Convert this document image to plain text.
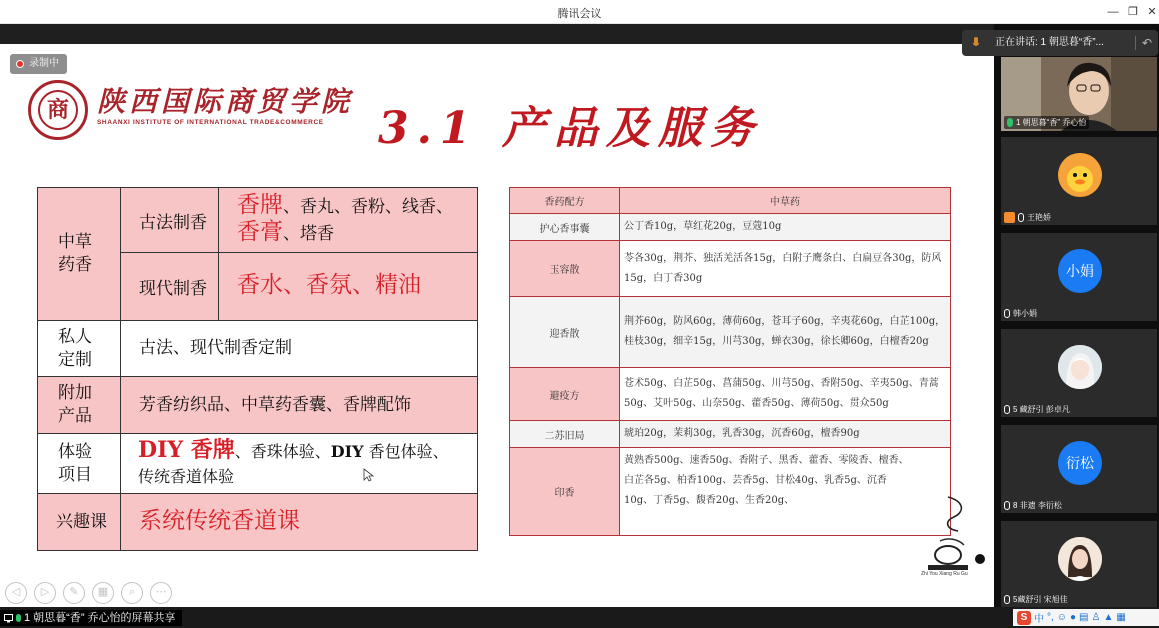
腾讯会议	— ❐ ✕
录制中
商	陕西国际商贸学院
SHAANXI INSTITUTE OF INTERNATIONAL TRADE&COMMERCE 3.1 产品及服务
中草
药香	古法制香	香牌、香丸、香粉、线香、
香膏、塔香
	现代制香	香水、香氛、精油
私人
定制	古法、现代制香定制	
附加
产品	芳香纺织品、中草药香囊、香牌配饰	
体验
项目	DIY 香牌、香珠体验、DIY 香包体验、
传统香道体验	
兴趣课	系统传统香道课	
香药配方	中草药
护心香事囊	公丁香10g，草红花20g，豆蔻10g
玉容散	苓各30g，荆芥、独活羌活各15g，白附子鹰条白、白扁豆各30g，防风15g，白丁香30g
迎香散	荆芥60g，防风60g，薄荷60g，苍耳子60g，辛夷花60g，白芷100g，
桂枝30g，细辛15g，川芎30g，蝉衣30g，徐长卿60g，白檀香20g
避疫方	苍术50g、白芷50g、菖蒲50g、川芎50g、香附50g、辛夷50g、青蒿50g、艾叶50g、山奈50g、藿香50g、薄荷50g、贯众50g
二苏旧局	琥珀20g，茉莉30g，乳香30g，沉香60g，檀香90g
印香	黄熟香500g、速香50g、香附子、黑香、藿香、零陵香、檀香、白芷各5g、柏香100g、芸香5g、甘松40g、乳香5g、沉香10g、丁香5g、馥香20g、生香20g、
Zhi You Xiang Ru Gu
◁	▷	✎	▦	⌕	⋯
正在讲话: 1 朝思暮“香”...	↶
1 朝思暮“香” 乔心怡
王艳娇
小娟
韩小娟
5 藏舒引 彭卓凡
衍松
8 非遗 李衍松
5藏舒引 宋旭佳
1 朝思暮“香” 乔心怡的屏幕共享	S 中 °, ☺ ● ▤ ♙ ▲ ▦
